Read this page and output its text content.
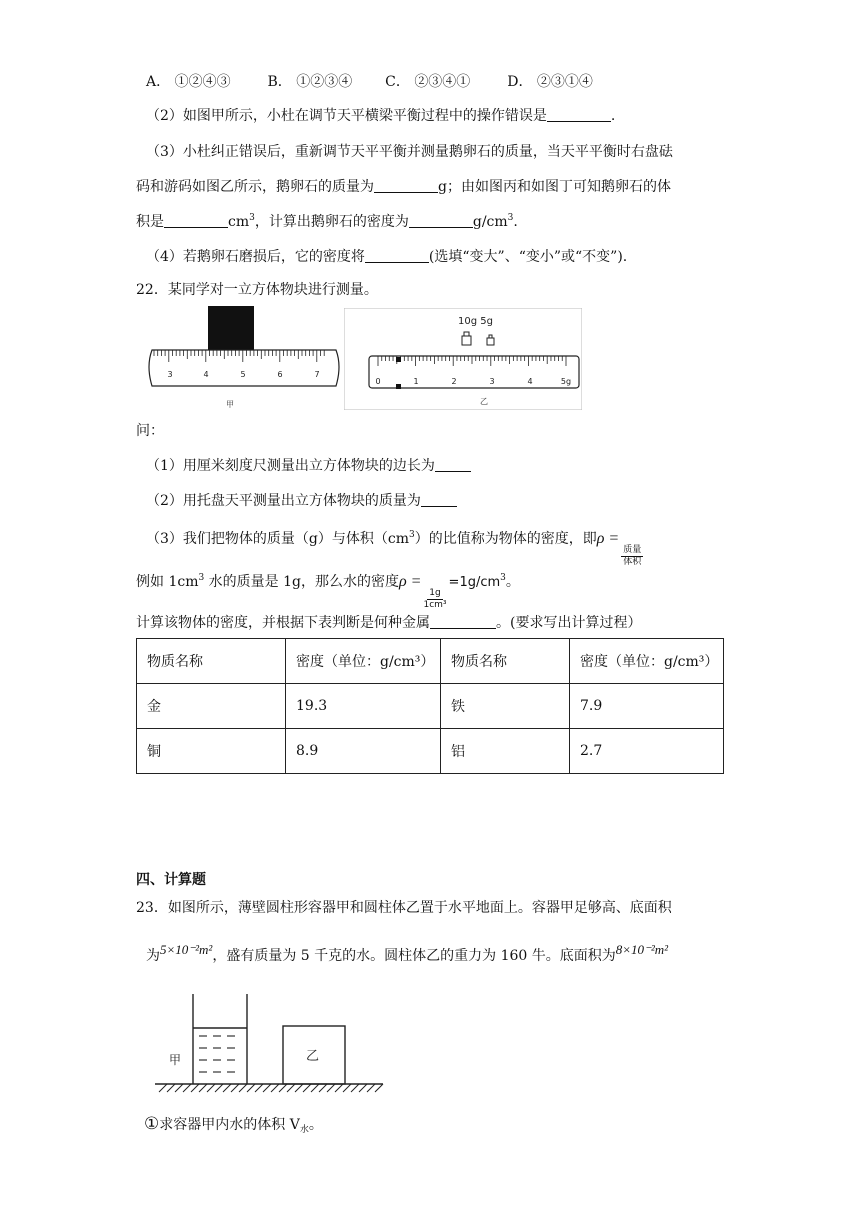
A． ①②④③	B． ①②③④ C． ②③④①	D． ②③①④
（2）如图甲所示，小杜在调节天平横梁平衡过程中的操作错误是	.
（3）小杜纠正错误后，重新调节天平平衡并测量鹅卵石的质量，当天平平衡时右盘砝
码和游码如图乙所示，鹅卵石的质量为	g；由如图丙和如图丁可知鹅卵石的体
积是	$cm^3$，计算出鹅卵石的密度为	$g/cm^3$.
（4）若鹅卵石磨损后，它的密度将	(选填“变大”、“变小”或“不变”).
22．某同学对一立方体物块进行测量。
3	4	5	6	7
甲
10g 5g
0	1	2	3	4	5g
乙
问：
（1）用厘米刻度尺测量出立方体物块的边长为
（2）用托盘天平测量出立方体物块的质量为
（3）我们把物体的质量（g）与体积$(cm^3)$的比值称为物体的密度，即ρ =
$\frac{\text{质量}}{\text{体积}}$
例如 $1cm^3$ 水的质量是 1g，那么水的密度ρ =
$\frac{1g}{\text{1cm³}}$
$=1g/cm^3$。
计算该物体的密度，并根据下表判断是何种金属	。(要求写出计算过程）
物质名称	密度（单位：g/cm³）	物质名称	密度（单位：g/cm³）
金	19.3	铁	7.9
铜	8.9	铝	2.7
四、计算题
23．如图所示，薄壁圆柱形容器甲和圆柱体乙置于水平地面上。容器甲足够高、底面积
为5×10⁻²m²，盛有质量为 5 千克的水。圆柱体乙的重力为 160 牛。底面积为8×10⁻²m²
甲	乙
①求容器甲内水的体积 $V_水$。
